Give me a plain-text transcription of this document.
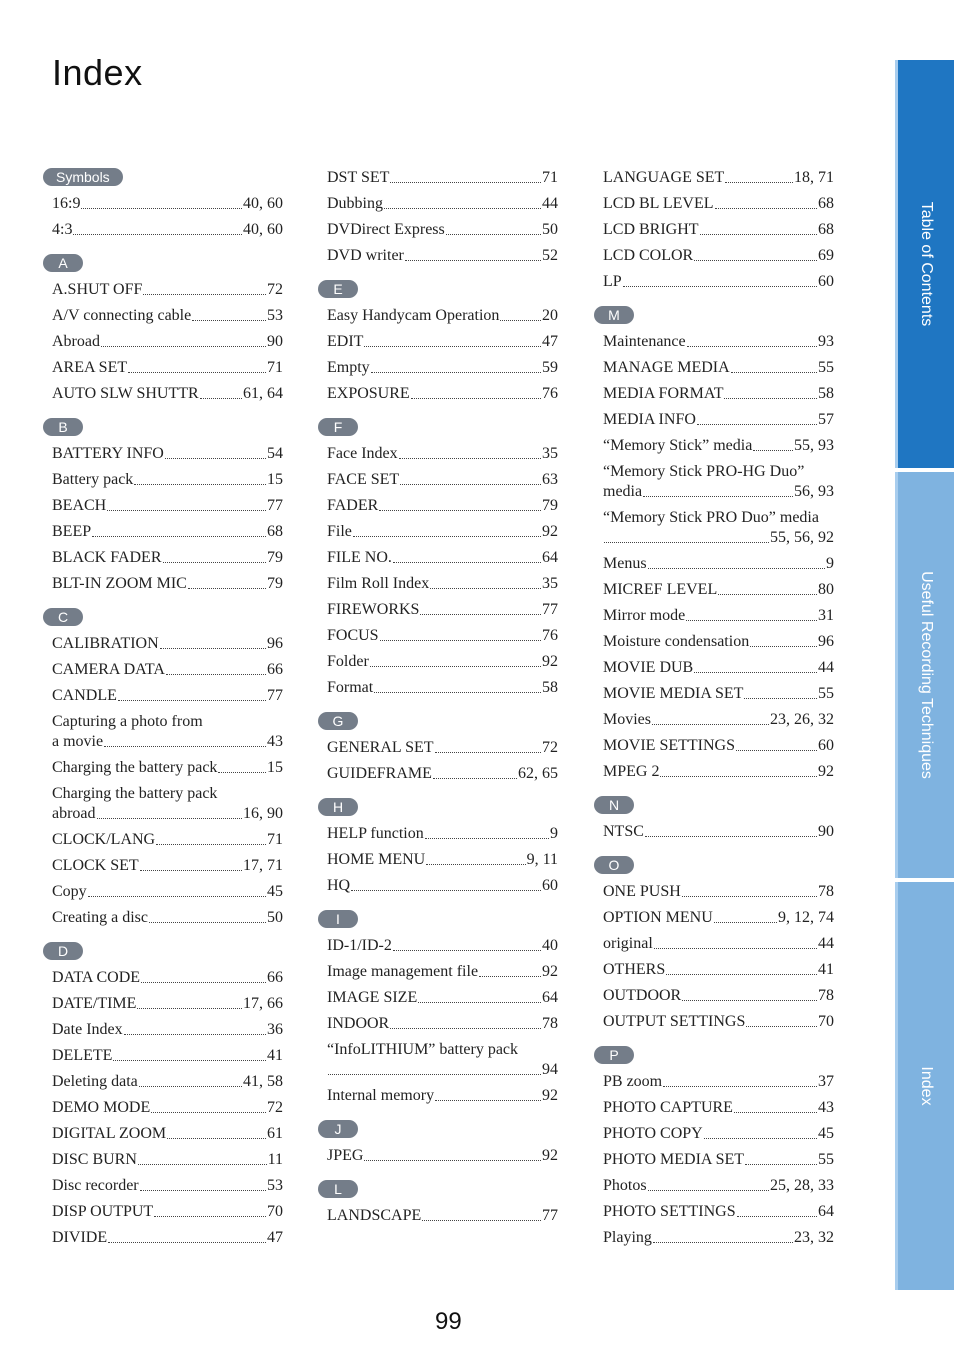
Index
Symbols
16:9	40, 60
4:3	40, 60
A
A.SHUT OFF	72
A/V connecting cable	53
Abroad	90
AREA SET	71
AUTO SLW SHUTTR	61, 64
B
BATTERY INFO	54
Battery pack	15
BEACH	77
BEEP	68
BLACK FADER	79
BLT-IN ZOOM MIC	79
C
CALIBRATION	96
CAMERA DATA	66
CANDLE	77
Capturing a photo from
a movie	43
Charging the battery pack	15
Charging the battery pack
abroad	16, 90
CLOCK/LANG	71
CLOCK SET	17, 71
Copy	45
Creating a disc	50
D
DATA CODE	66
DATE/TIME	17, 66
Date Index	36
DELETE	41
Deleting data	41, 58
DEMO MODE	72
DIGITAL ZOOM	61
DISC BURN	11
Disc recorder	53
DISP OUTPUT	70
DIVIDE	47
DST SET	71
Dubbing	44
DVDirect Express	50
DVD writer	52
E
Easy Handycam Operation	20
EDIT	47
Empty	59
EXPOSURE	76
F
Face Index	35
FACE SET	63
FADER	79
File	92
FILE NO.	64
Film Roll Index	35
FIREWORKS	77
FOCUS	76
Folder	92
Format	58
G
GENERAL SET	72
GUIDEFRAME	62, 65
H
HELP function	9
HOME MENU	9, 11
HQ	60
I
ID-1/ID-2	40
Image management file	92
IMAGE SIZE	64
INDOOR	78
“InfoLITHIUM” battery pack
94
Internal memory	92
J
JPEG	92
L
LANDSCAPE	77
LANGUAGE SET	18, 71
LCD BL LEVEL	68
LCD BRIGHT	68
LCD COLOR	69
LP	60
M
Maintenance	93
MANAGE MEDIA	55
MEDIA FORMAT	58
MEDIA INFO	57
“Memory Stick” media	55, 93
“Memory Stick PRO-HG Duo”
media	56, 93
“Memory Stick PRO Duo” media
55, 56, 92
Menus	9
MICREF LEVEL	80
Mirror mode	31
Moisture condensation	96
MOVIE DUB	44
MOVIE MEDIA SET	55
Movies	23, 26, 32
MOVIE SETTINGS	60
MPEG 2	92
N
NTSC	90
O
ONE PUSH	78
OPTION MENU	9, 12, 74
original	44
OTHERS	41
OUTDOOR	78
OUTPUT SETTINGS	70
P
PB zoom	37
PHOTO CAPTURE	43
PHOTO COPY	45
PHOTO MEDIA SET	55
Photos	25, 28, 33
PHOTO SETTINGS	64
Playing	23, 32
Table of Contents
Useful Recording Techniques
Index
99
